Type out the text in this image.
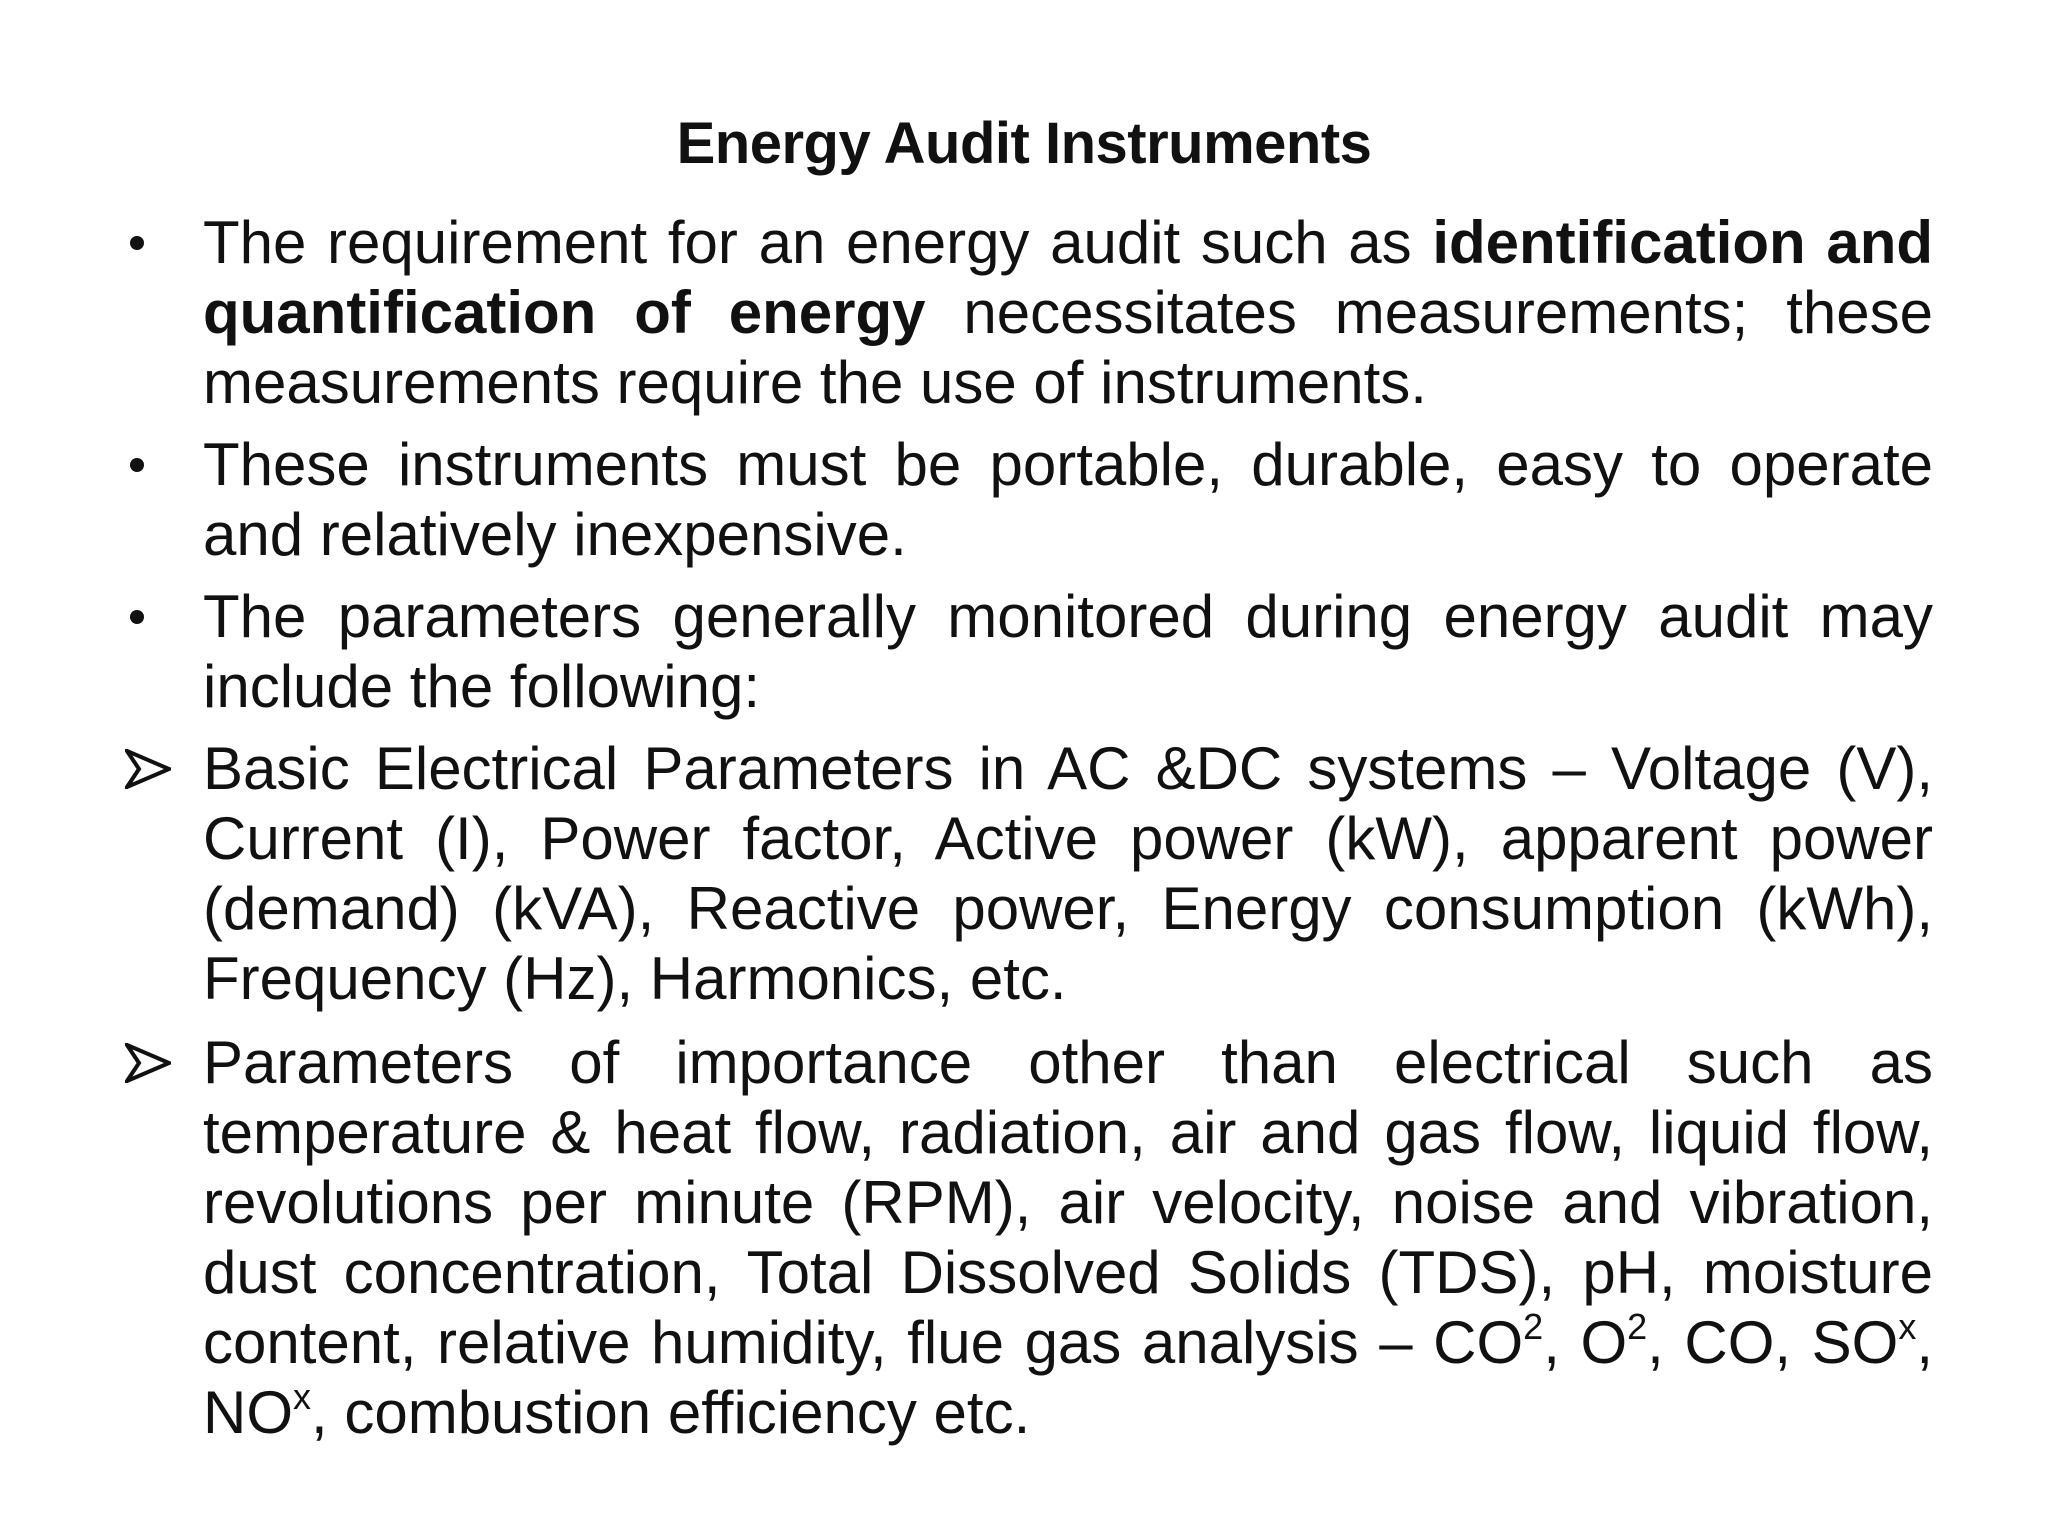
Energy Audit Instruments
The requirement for an energy audit such as identification and quantification of energy necessitates measurements; these measurements require the use of instruments.
These instruments must be portable, durable, easy to operate and relatively inexpensive.
The parameters generally monitored during energy audit may include the following:
Basic Electrical Parameters in AC &DC systems – Voltage (V), Current (I), Power factor, Active power (kW), apparent power (demand) (kVA), Reactive power, Energy consumption (kWh), Frequency (Hz), Harmonics, etc.
Parameters of importance other than electrical such as temperature & heat flow, radiation, air and gas flow, liquid flow, revolutions per minute (RPM), air velocity, noise and vibration, dust concentration, Total Dissolved Solids (TDS), pH, moisture content, relative humidity, flue gas analysis – $CO^2$, $O^2$, CO, $SO^x$, $NO^x$, combustion efficiency etc.
